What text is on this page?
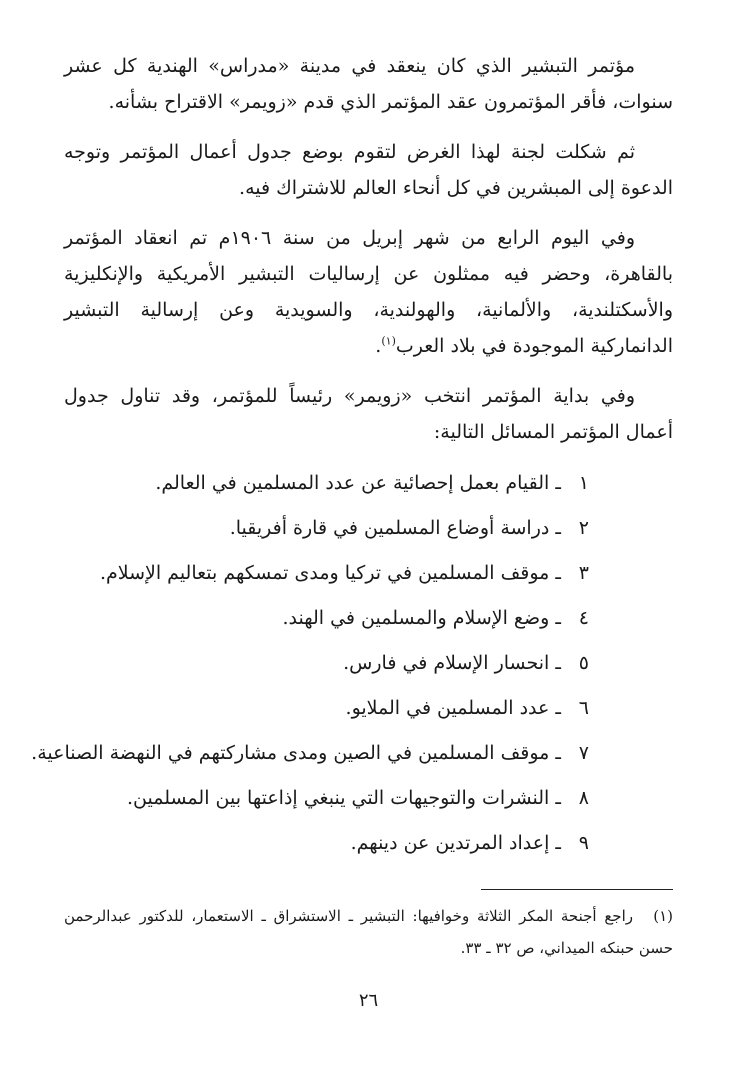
مؤتمر التبشير الذي كان ينعقد في مدينة «مدراس» الهندية كل عشر سنوات، فأقر المؤتمرون عقد المؤتمر الذي قدم «زويمر» الاقتراح بشأنه.

ثم شكلت لجنة لهذا الغرض لتقوم بوضع جدول أعمال المؤتمر وتوجه الدعوة إلى المبشرين في كل أنحاء العالم للاشتراك فيه.

وفي اليوم الرابع من شهر إبريل من سنة ١٩٠٦م تم انعقاد المؤتمر بالقاهرة، وحضر فيه ممثلون عن إرساليات التبشير الأمريكية والإنكليزية والأسكتلندية، والألمانية، والهولندية، والسويدية وعن إرسالية التبشير الدانماركية الموجودة في بلاد العرب$^{(١)}$.

وفي بداية المؤتمر انتخب «زويمر» رئيساً للمؤتمر، وقد تناول جدول أعمال المؤتمر المسائل التالية:

١ ـ القيام بعمل إحصائية عن عدد المسلمين في العالم.
٢ ـ دراسة أوضاع المسلمين في قارة أفريقيا.
٣ ـ موقف المسلمين في تركيا ومدى تمسكهم بتعاليم الإسلام.
٤ ـ وضع الإسلام والمسلمين في الهند.
٥ ـ انحسار الإسلام في فارس.
٦ ـ عدد المسلمين في الملايو.
٧ ـ موقف المسلمين في الصين ومدى مشاركتهم في النهضة الصناعية.
٨ ـ النشرات والتوجيهات التي ينبغي إذاعتها بين المسلمين.
٩ ـ إعداد المرتدين عن دينهم.
(١)راجع أجنحة المكر الثلاثة وخوافيها: التبشير ـ الاستشراق ـ الاستعمار، للدكتور عبدالرحمن حسن حبنكه الميداني، ص ٣٢ ـ ٣٣.
٢٦
